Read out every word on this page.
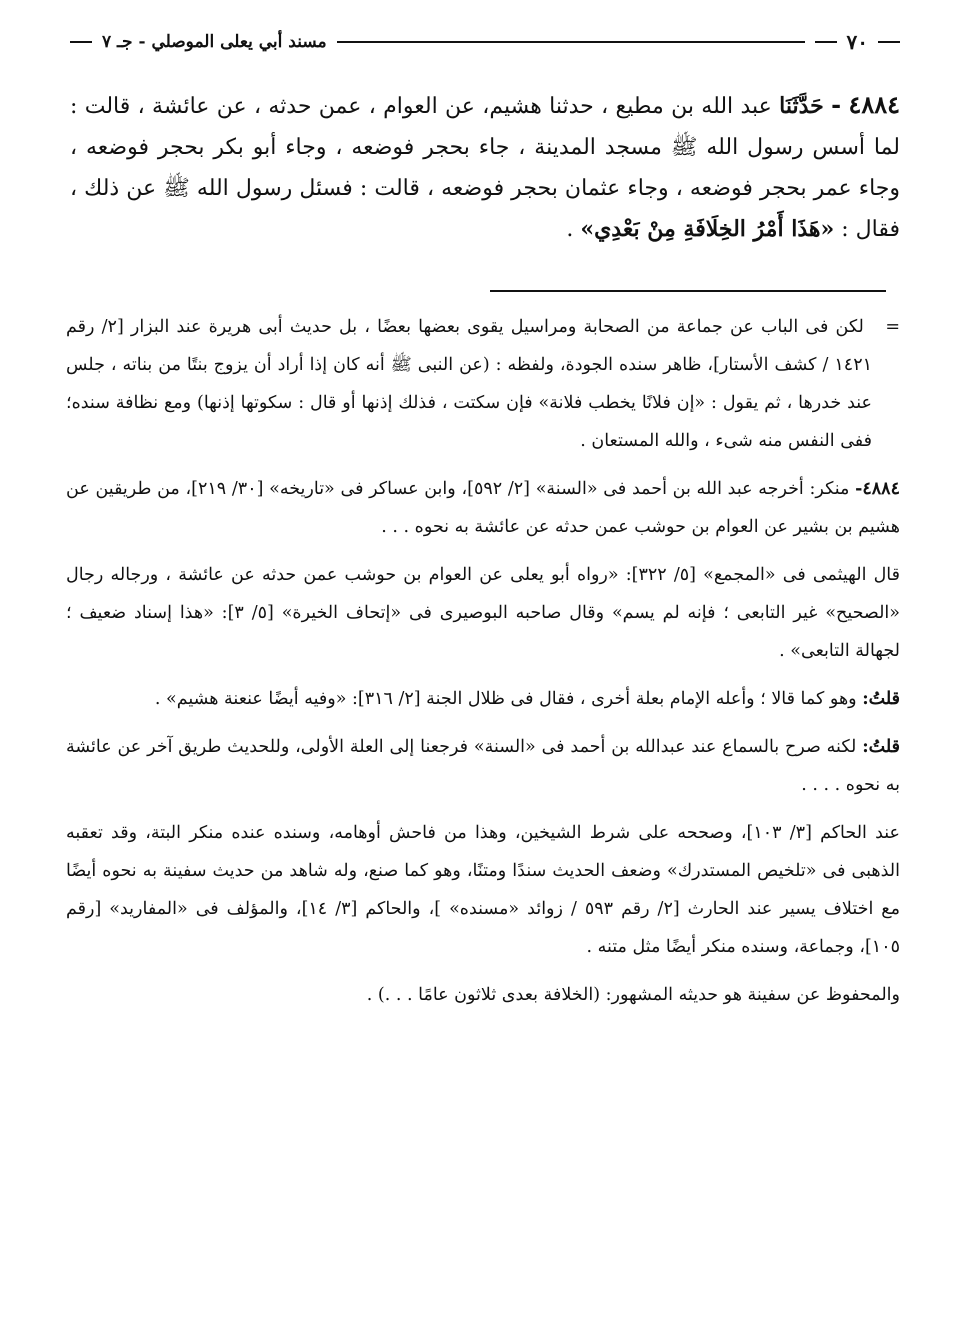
٧٠
مسند أبي يعلى الموصلي - جـ ٧

٤٨٨٤ - حَدَّثَنَا عبد الله بن مطيع ، حدثنا هشيم، عن العوام ، عمن حدثه ، عن عائشة ، قالت : لما أسس رسول الله ﷺ مسجد المدينة ، جاء بحجر فوضعه ، وجاء أبو بكر بحجر فوضعه ، وجاء عمر بحجر فوضعه ، وجاء عثمان بحجر فوضعه ، قالت : فسئل رسول الله ﷺ عن ذلك ، فقال : «هَذَا أَمْرُ الخِلَافَةِ مِنْ بَعْدِي» .

=   لكن فى الباب عن جماعة من الصحابة ومراسيل يقوى بعضها بعضًا ، بل حديث أبى هريرة عند البزار [٢/ رقم ١٤٢١ / كشف الأستار]، ظاهر سنده الجودة، ولفظه : (عن النبى ﷺ أنه كان إذا أراد أن يزوج بنتًا من بناته ، جلس عند خدرها ، ثم يقول : «إن فلانًا يخطب فلانة» فإن سكتت ، فذلك إذنها أو قال : سكوتها إذنها) ومع نظافة سنده؛ ففى النفس منه شىء ، والله المستعان .

٤٨٨٤- منكر: أخرجه عبد الله بن أحمد فى «السنة» [٢/ ٥٩٢]، وابن عساكر فى «تاريخه» [٣٠/ ٢١٩]، من طريقين عن هشيم بن بشير عن العوام بن حوشب عمن حدثه عن عائشة به نحوه . . .

قال الهيثمى فى «المجمع» [٥/ ٣٢٢]: «رواه أبو يعلى عن العوام بن حوشب عمن حدثه عن عائشة ، ورجاله رجال «الصحيح» غير التابعى ؛ فإنه لم يسم» وقال صاحبه البوصيرى فى «إتحاف الخيرة» [٥/ ٣]: «هذا إسناد ضعيف ؛ لجهالة التابعى» .

قلتُ: وهو كما قالا ؛ وأعله الإمام بعلة أخرى ، فقال فى ظلال الجنة [٢/ ٣١٦]: «وفيه أيضًا عنعنة هشيم» .

قلتُ: لكنه صرح بالسماع عند عبدالله بن أحمد فى «السنة» فرجعنا إلى العلة الأولى، وللحديث طريق آخر عن عائشة به نحوه . . . .

عند الحاكم [٣/ ١٠٣]، وصححه على شرط الشيخين، وهذا من فاحش أوهامه، وسنده عنده منكر البتة، وقد تعقبه الذهبى فى «تلخيص المستدرك» وضعف الحديث سندًا ومتنًا، وهو كما صنع، وله شاهد من حديث سفينة به نحوه أيضًا مع اختلاف يسير عند الحارث [٢/ رقم ٥٩٣ / زوائد «مسنده» ]، والحاكم [٣/ ١٤]، والمؤلف فى «المفاريد» [رقم ١٠٥]، وجماعة، وسنده منكر أيضًا مثل متنه .

والمحفوظ عن سفينة هو حديثه المشهور: (الخلافة بعدى ثلاثون عامًا . . .) .
